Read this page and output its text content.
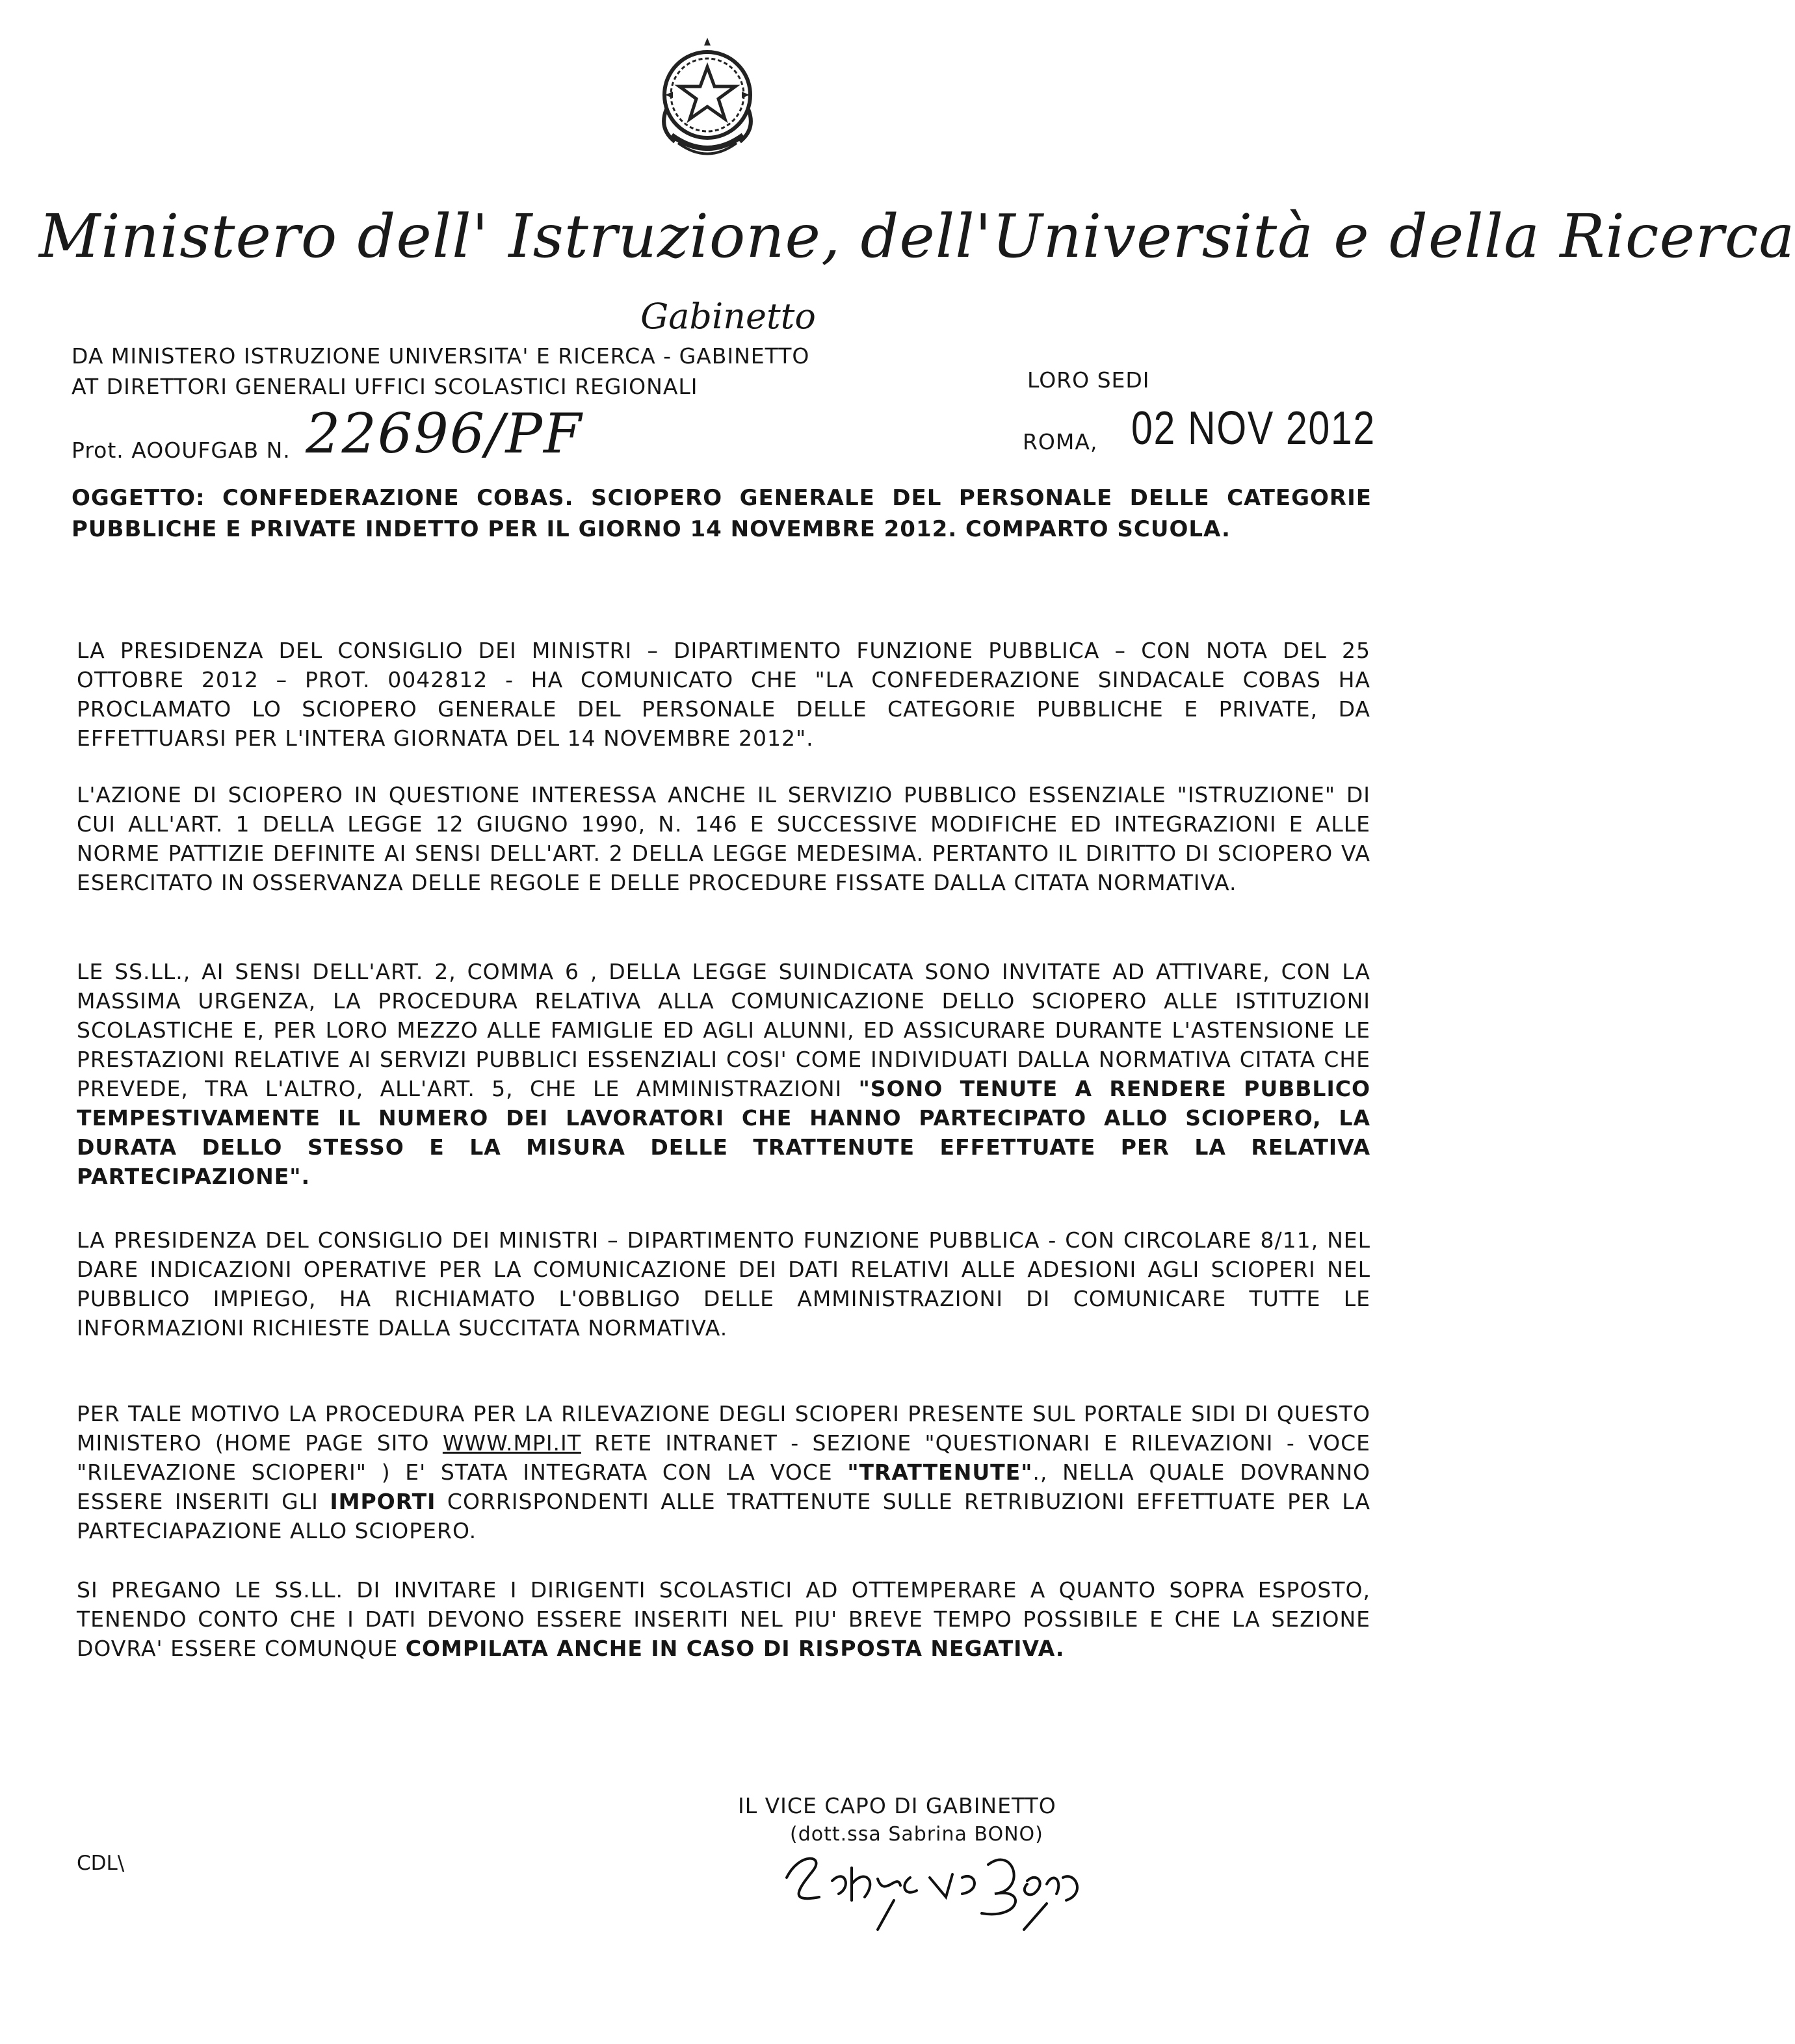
Ministero dell' Istruzione, dell'Università e della Ricerca
Gabinetto
DA MINISTERO ISTRUZIONE UNIVERSITA' E RICERCA - GABINETTO
AT DIRETTORI GENERALI UFFICI SCOLASTICI REGIONALI	LORO SEDI
Prot. AOOUFGAB N. 22696/PF	ROMA, 02 NOV 2012
OGGETTO: CONFEDERAZIONE COBAS. SCIOPERO GENERALE DEL PERSONALE DELLE CATEGORIE PUBBLICHE E PRIVATE INDETTO PER IL GIORNO 14 NOVEMBRE 2012. COMPARTO SCUOLA.
LA PRESIDENZA DEL CONSIGLIO DEI MINISTRI – DIPARTIMENTO FUNZIONE PUBBLICA – CON NOTA DEL 25 OTTOBRE 2012 – PROT. 0042812 - HA COMUNICATO CHE "LA CONFEDERAZIONE SINDACALE COBAS HA PROCLAMATO LO SCIOPERO GENERALE DEL PERSONALE DELLE CATEGORIE PUBBLICHE E PRIVATE, DA EFFETTUARSI PER L'INTERA GIORNATA DEL 14 NOVEMBRE 2012".
L'AZIONE DI SCIOPERO IN QUESTIONE INTERESSA ANCHE IL SERVIZIO PUBBLICO ESSENZIALE "ISTRUZIONE" DI CUI ALL'ART. 1 DELLA LEGGE 12 GIUGNO 1990, N. 146 E SUCCESSIVE MODIFICHE ED INTEGRAZIONI E ALLE NORME PATTIZIE DEFINITE AI SENSI DELL'ART. 2 DELLA LEGGE MEDESIMA. PERTANTO IL DIRITTO DI SCIOPERO VA ESERCITATO IN OSSERVANZA DELLE REGOLE E DELLE PROCEDURE FISSATE DALLA CITATA NORMATIVA.
LE SS.LL., AI SENSI DELL'ART. 2, COMMA 6 , DELLA LEGGE SUINDICATA SONO INVITATE AD ATTIVARE, CON LA MASSIMA URGENZA, LA PROCEDURA RELATIVA ALLA COMUNICAZIONE DELLO SCIOPERO ALLE ISTITUZIONI SCOLASTICHE E, PER LORO MEZZO ALLE FAMIGLIE ED AGLI ALUNNI, ED ASSICURARE DURANTE L'ASTENSIONE LE PRESTAZIONI RELATIVE AI SERVIZI PUBBLICI ESSENZIALI COSI' COME INDIVIDUATI DALLA NORMATIVA CITATA CHE PREVEDE, TRA L'ALTRO, ALL'ART. 5, CHE LE AMMINISTRAZIONI "SONO TENUTE A RENDERE PUBBLICO TEMPESTIVAMENTE IL NUMERO DEI LAVORATORI CHE HANNO PARTECIPATO ALLO SCIOPERO, LA DURATA DELLO STESSO E LA MISURA DELLE TRATTENUTE EFFETTUATE PER LA RELATIVA PARTECIPAZIONE".
LA PRESIDENZA DEL CONSIGLIO DEI MINISTRI – DIPARTIMENTO FUNZIONE PUBBLICA - CON CIRCOLARE 8/11, NEL DARE INDICAZIONI OPERATIVE PER LA COMUNICAZIONE DEI DATI RELATIVI ALLE ADESIONI AGLI SCIOPERI NEL PUBBLICO IMPIEGO, HA RICHIAMATO L'OBBLIGO DELLE AMMINISTRAZIONI DI COMUNICARE TUTTE LE INFORMAZIONI RICHIESTE DALLA SUCCITATA NORMATIVA.
PER TALE MOTIVO LA PROCEDURA PER LA RILEVAZIONE DEGLI SCIOPERI PRESENTE SUL PORTALE SIDI DI QUESTO MINISTERO (HOME PAGE SITO WWW.MPI.IT RETE INTRANET - SEZIONE "QUESTIONARI E RILEVAZIONI - VOCE "RILEVAZIONE SCIOPERI" ) E' STATA INTEGRATA CON LA VOCE "TRATTENUTE"., NELLA QUALE DOVRANNO ESSERE INSERITI GLI IMPORTI CORRISPONDENTI ALLE TRATTENUTE SULLE RETRIBUZIONI EFFETTUATE PER LA PARTECIAPAZIONE ALLO SCIOPERO.
SI PREGANO LE SS.LL. DI INVITARE I DIRIGENTI SCOLASTICI AD OTTEMPERARE A QUANTO SOPRA ESPOSTO, TENENDO CONTO CHE I DATI DEVONO ESSERE INSERITI NEL PIU' BREVE TEMPO POSSIBILE E CHE LA SEZIONE DOVRA' ESSERE COMUNQUE COMPILATA ANCHE IN CASO DI RISPOSTA NEGATIVA.
IL VICE CAPO DI GABINETTO
(dott.ssa Sabrina BONO)
CDL\
